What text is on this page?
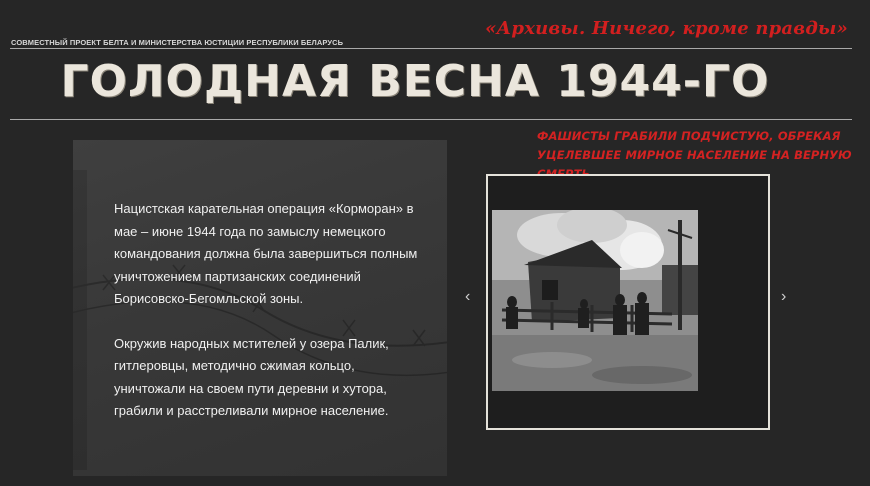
СОВМЕСТНЫЙ ПРОЕКТ БЕЛТА И МИНИСТЕРСТВА ЮСТИЦИИ РЕСПУБЛИКИ БЕЛАРУСЬ
«Архивы. Ничего, кроме правды»
ГОЛОДНАЯ ВЕСНА 1944-ГО
ФАШИСТЫ ГРАБИЛИ ПОДЧИСТУЮ, ОБРЕКАЯ
УЦЕЛЕВШЕЕ МИРНОЕ НАСЕЛЕНИЕ НА ВЕРНУЮ

Нацистская карательная операция «Корморан» в мае – июне 1944 года по замыслу немецкого командования должна была завершиться полным уничтожением партизанских соединений Борисовско-Бегомльской зоны.

Окружив народных мстителей у озера Палик, гитлеровцы, методично сжимая кольцо, уничтожали на своем пути деревни и хутора, грабили и расстреливали мирное население.

‹	›
